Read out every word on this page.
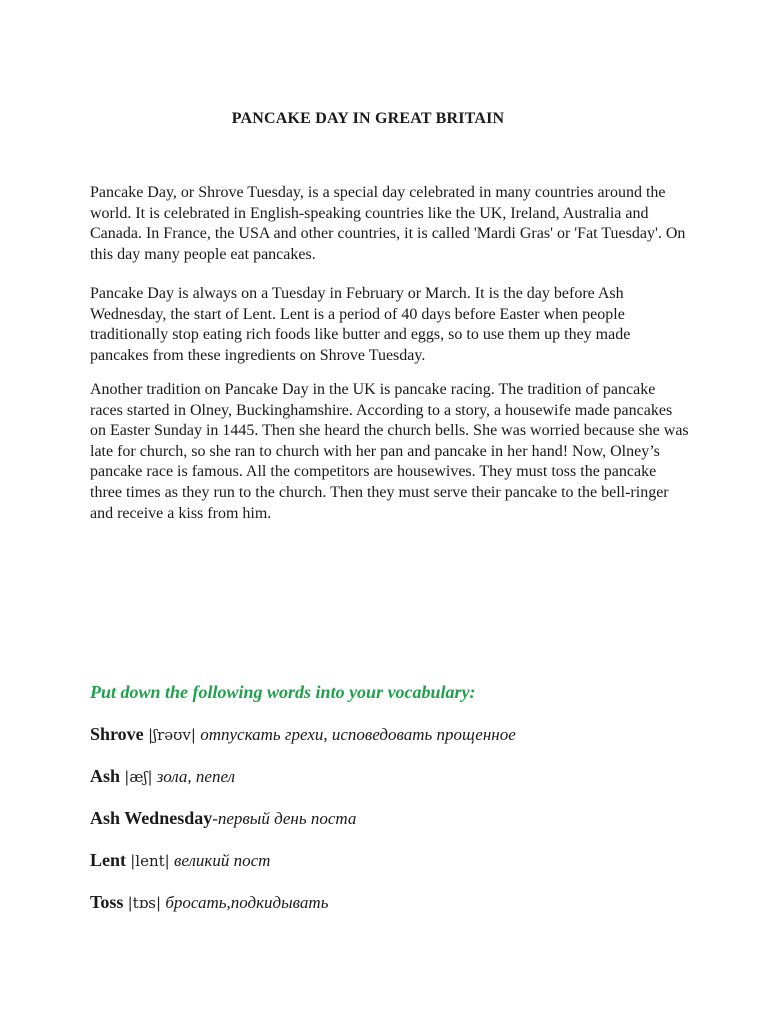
PANCAKE DAY IN GREAT BRITAIN

Pancake Day, or Shrove Tuesday, is a special day celebrated in many countries around the world. It is celebrated in English-speaking countries like the UK, Ireland, Australia and Canada. In France, the USA and other countries, it is called 'Mardi Gras' or 'Fat Tuesday'. On this day many people eat pancakes.

Pancake Day is always on a Tuesday in February or March. It is the day before Ash Wednesday, the start of Lent. Lent is a period of 40 days before Easter when people traditionally stop eating rich foods like butter and eggs, so to use them up they made pancakes from these ingredients on Shrove Tuesday.

Another tradition on Pancake Day in the UK is pancake racing. The tradition of pancake races started in Olney, Buckinghamshire. According to a story, a housewife made pancakes on Easter Sunday in 1445. Then she heard the church bells. She was worried because she was late for church, so she ran to church with her pan and pancake in her hand! Now, Olney’s pancake race is famous. All the competitors are housewives. They must toss the pancake three times as they run to the church. Then they must serve their pancake to the bell-ringer and receive a kiss from him.

Put down the following words into your vocabulary:
Shrove |ʃrəʊv| отпускать грехи, исповедовать прощенное
Ash |æʃ| зола, пепел
Ash Wednesday-первый день поста
Lent |lent| великий пост
Toss |tɒs| бросать,подкидывать
